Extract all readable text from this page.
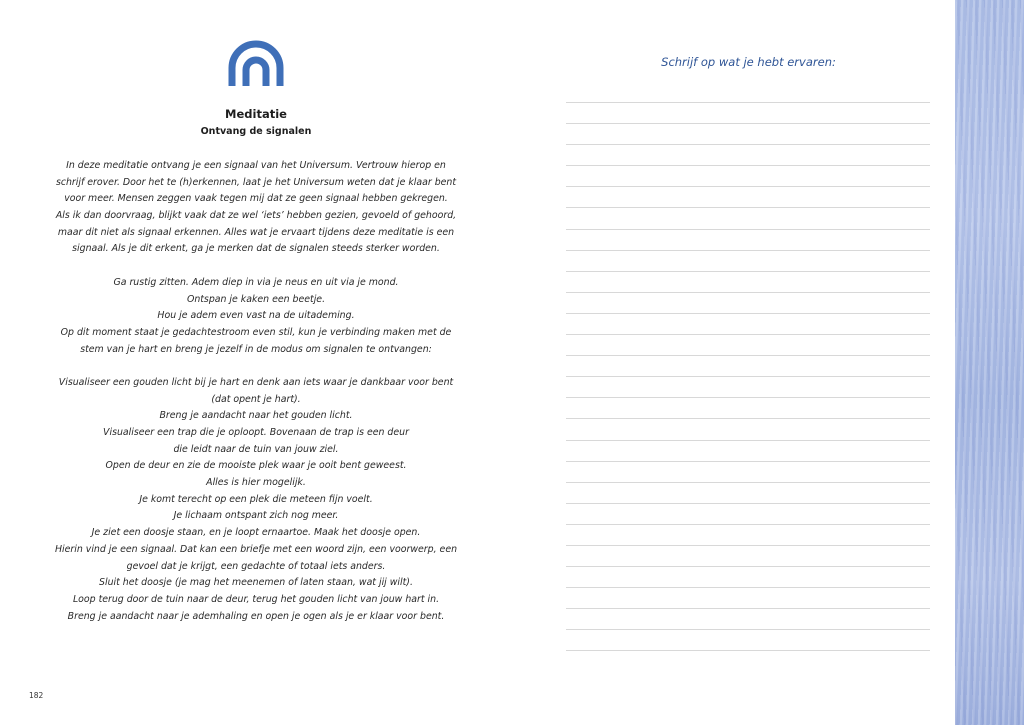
Meditatie
Ontvang de signalen
In deze meditatie ontvang je een signaal van het Universum. Vertrouw hierop en
schrijf erover. Door het te (h)erkennen, laat je het Universum weten dat je klaar bent
voor meer. Mensen zeggen vaak tegen mij dat ze geen signaal hebben gekregen.
Als ik dan doorvraag, blijkt vaak dat ze wel ‘iets’ hebben gezien, gevoeld of gehoord,
maar dit niet als signaal erkennen. Alles wat je ervaart tijdens deze meditatie is een
signaal. Als je dit erkent, ga je merken dat de signalen steeds sterker worden.
Ga rustig zitten. Adem diep in via je neus en uit via je mond.
Ontspan je kaken een beetje.
Hou je adem even vast na de uitademing.
Op dit moment staat je gedachtestroom even stil, kun je verbinding maken met de
stem van je hart en breng je jezelf in de modus om signalen te ontvangen:
Visualiseer een gouden licht bij je hart en denk aan iets waar je dankbaar voor bent
(dat opent je hart).
Breng je aandacht naar het gouden licht.
Visualiseer een trap die je oploopt. Bovenaan de trap is een deur
die leidt naar de tuin van jouw ziel.
Open de deur en zie de mooiste plek waar je ooit bent geweest.
Alles is hier mogelijk.
Je komt terecht op een plek die meteen fijn voelt.
Je lichaam ontspant zich nog meer.
Je ziet een doosje staan, en je loopt ernaartoe. Maak het doosje open.
Hierin vind je een signaal. Dat kan een briefje met een woord zijn, een voorwerp, een
gevoel dat je krijgt, een gedachte of totaal iets anders.
Sluit het doosje (je mag het meenemen of laten staan, wat jij wilt).
Loop terug door de tuin naar de deur, terug het gouden licht van jouw hart in.
Breng je aandacht naar je ademhaling en open je ogen als je er klaar voor bent.
182
Schrijf op wat je hebt ervaren:
